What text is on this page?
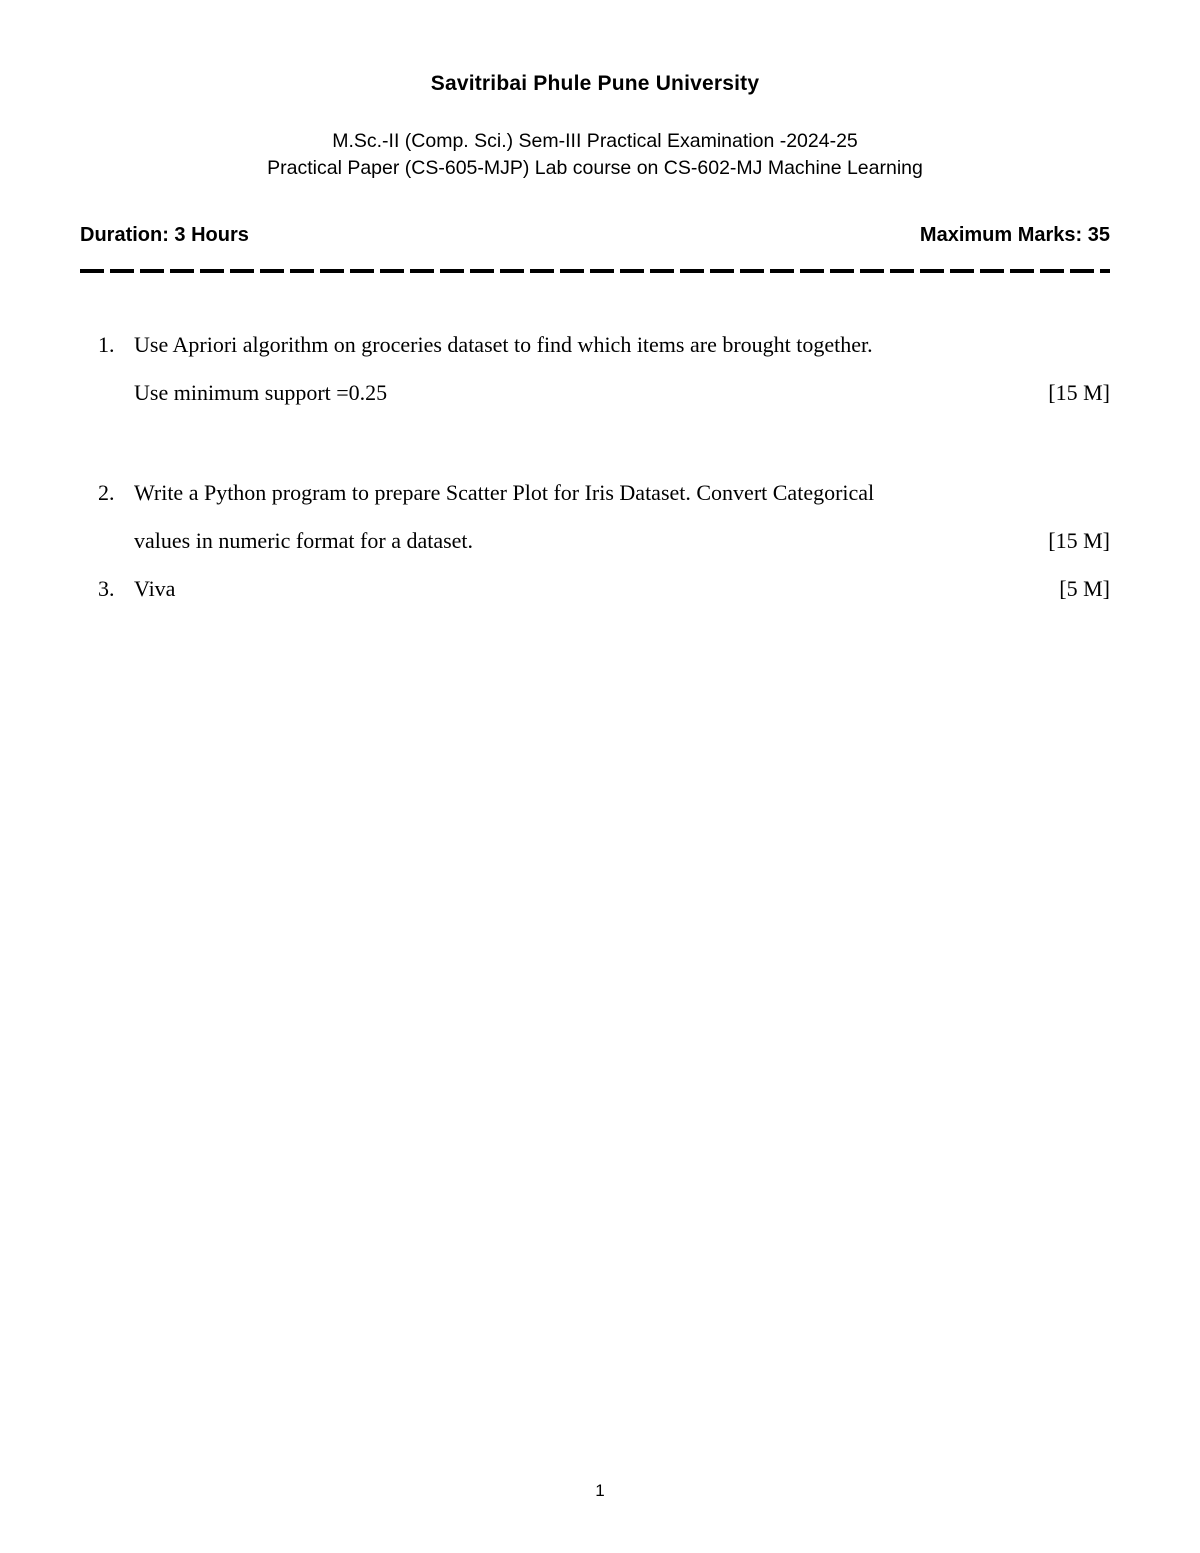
Savitribai Phule Pune University
M.Sc.-II (Comp. Sci.) Sem-III Practical Examination -2024-25
Practical Paper (CS-605-MJP) Lab course on CS-602-MJ Machine Learning
Duration: 3 Hours	Maximum Marks: 35
1. Use Apriori algorithm on groceries dataset to find which items are brought together.
Use minimum support =0.25	[15 M]
2. Write a Python program to prepare Scatter Plot for Iris Dataset. Convert Categorical
values in numeric format for a dataset.	[15 M]
3. Viva	[5 M]
1
